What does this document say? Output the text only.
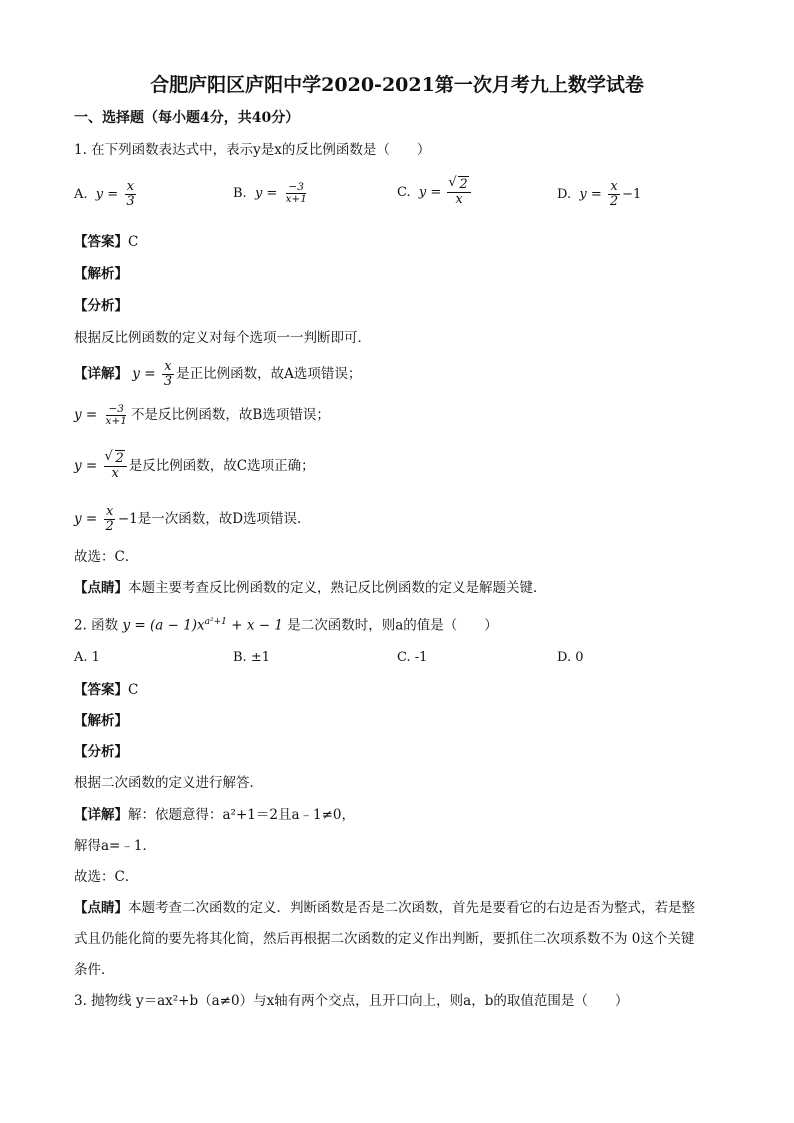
合肥庐阳区庐阳中学2020-2021第一次月考九上数学试卷
一、选择题（每小题4分，共40分）
1. 在下列函数表达式中，表示y是x的反比例函数是（　　）
A. $y = \frac{x}{3}$	B. $y = \frac{-3}{x+1}$	C. y = √ $\frac{2}{x}$	D. $y = \frac{x}{2} -1$
【答案】C
【解析】
【分析】
根据反比例函数的定义对每个选项一一判断即可．
【详解】 $y = \frac{x}{3}$ 是正比例函数，故A选项错误；
$y = \frac{-3}{x+1}$ 不是反比例函数，故B选项错误；
y = √ $\frac{2}{x}$ 是反比例函数，故C选项正确；
$y = \frac{x}{2} -1$是一次函数，故D选项错误．
故选：C．
【点睛】本题主要考查反比例函数的定义，熟记反比例函数的定义是解题关键．
2. 函数 $y = (a - 1)x^{a^2+1} + x - 1$ 是二次函数时，则a的值是（　　）
A. 1	B. ±1	C. -1	D. 0
【答案】C
【解析】
【分析】
根据二次函数的定义进行解答．
【详解】解：依题意得：a²+1＝2且a﹣1≠0，
解得a=﹣1．
故选：C．
【点睛】本题考查二次函数的定义．判断函数是否是二次函数，首先是要看它的右边是否为整式，若是整
式且仍能化简的要先将其化简，然后再根据二次函数的定义作出判断，要抓住二次项系数不为 0这个关键
条件．
3. 抛物线 y＝ax²+b（a≠0）与x轴有两个交点，且开口向上，则a，b的取值范围是（　　）
